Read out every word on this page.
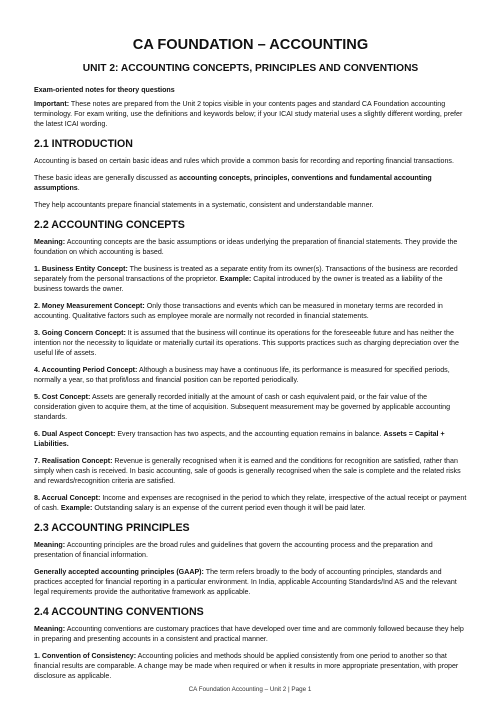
CA FOUNDATION – ACCOUNTING
UNIT 2: ACCOUNTING CONCEPTS, PRINCIPLES AND CONVENTIONS
Exam-oriented notes for theory questions

Important: These notes are prepared from the Unit 2 topics visible in your contents pages and standard CA Foundation accounting terminology. For exam writing, use the definitions and keywords below; if your ICAI study material uses a slightly different wording, prefer the latest ICAI wording.

2.1 INTRODUCTION

Accounting is based on certain basic ideas and rules which provide a common basis for recording and reporting financial transactions.

These basic ideas are generally discussed as accounting concepts, principles, conventions and fundamental accounting assumptions.

They help accountants prepare financial statements in a systematic, consistent and understandable manner.

2.2 ACCOUNTING CONCEPTS

Meaning: Accounting concepts are the basic assumptions or ideas underlying the preparation of financial statements. They provide the foundation on which accounting is based.

1. Business Entity Concept: The business is treated as a separate entity from its owner(s). Transactions of the business are recorded separately from the personal transactions of the proprietor. Example: Capital introduced by the owner is treated as a liability of the business towards the owner.

2. Money Measurement Concept: Only those transactions and events which can be measured in monetary terms are recorded in accounting. Qualitative factors such as employee morale are normally not recorded in financial statements.

3. Going Concern Concept: It is assumed that the business will continue its operations for the foreseeable future and has neither the intention nor the necessity to liquidate or materially curtail its operations. This supports practices such as charging depreciation over the useful life of assets.

4. Accounting Period Concept: Although a business may have a continuous life, its performance is measured for specified periods, normally a year, so that profit/loss and financial position can be reported periodically.

5. Cost Concept: Assets are generally recorded initially at the amount of cash or cash equivalent paid, or the fair value of the consideration given to acquire them, at the time of acquisition. Subsequent measurement may be governed by applicable accounting standards.

6. Dual Aspect Concept: Every transaction has two aspects, and the accounting equation remains in balance. Assets = Capital + Liabilities.

7. Realisation Concept: Revenue is generally recognised when it is earned and the conditions for recognition are satisfied, rather than simply when cash is received. In basic accounting, sale of goods is generally recognised when the sale is complete and the related risks and rewards/recognition criteria are satisfied.

8. Accrual Concept: Income and expenses are recognised in the period to which they relate, irrespective of the actual receipt or payment of cash. Example: Outstanding salary is an expense of the current period even though it will be paid later.

2.3 ACCOUNTING PRINCIPLES

Meaning: Accounting principles are the broad rules and guidelines that govern the accounting process and the preparation and presentation of financial information.

Generally accepted accounting principles (GAAP): The term refers broadly to the body of accounting principles, standards and practices accepted for financial reporting in a particular environment. In India, applicable Accounting Standards/Ind AS and the relevant legal requirements provide the authoritative framework as applicable.

2.4 ACCOUNTING CONVENTIONS

Meaning: Accounting conventions are customary practices that have developed over time and are commonly followed because they help in preparing and presenting accounts in a consistent and practical manner.

1. Convention of Consistency: Accounting policies and methods should be applied consistently from one period to another so that financial results are comparable. A change may be made when required or when it results in more appropriate presentation, with proper disclosure as applicable.

CA Foundation Accounting – Unit 2 | Page 1
